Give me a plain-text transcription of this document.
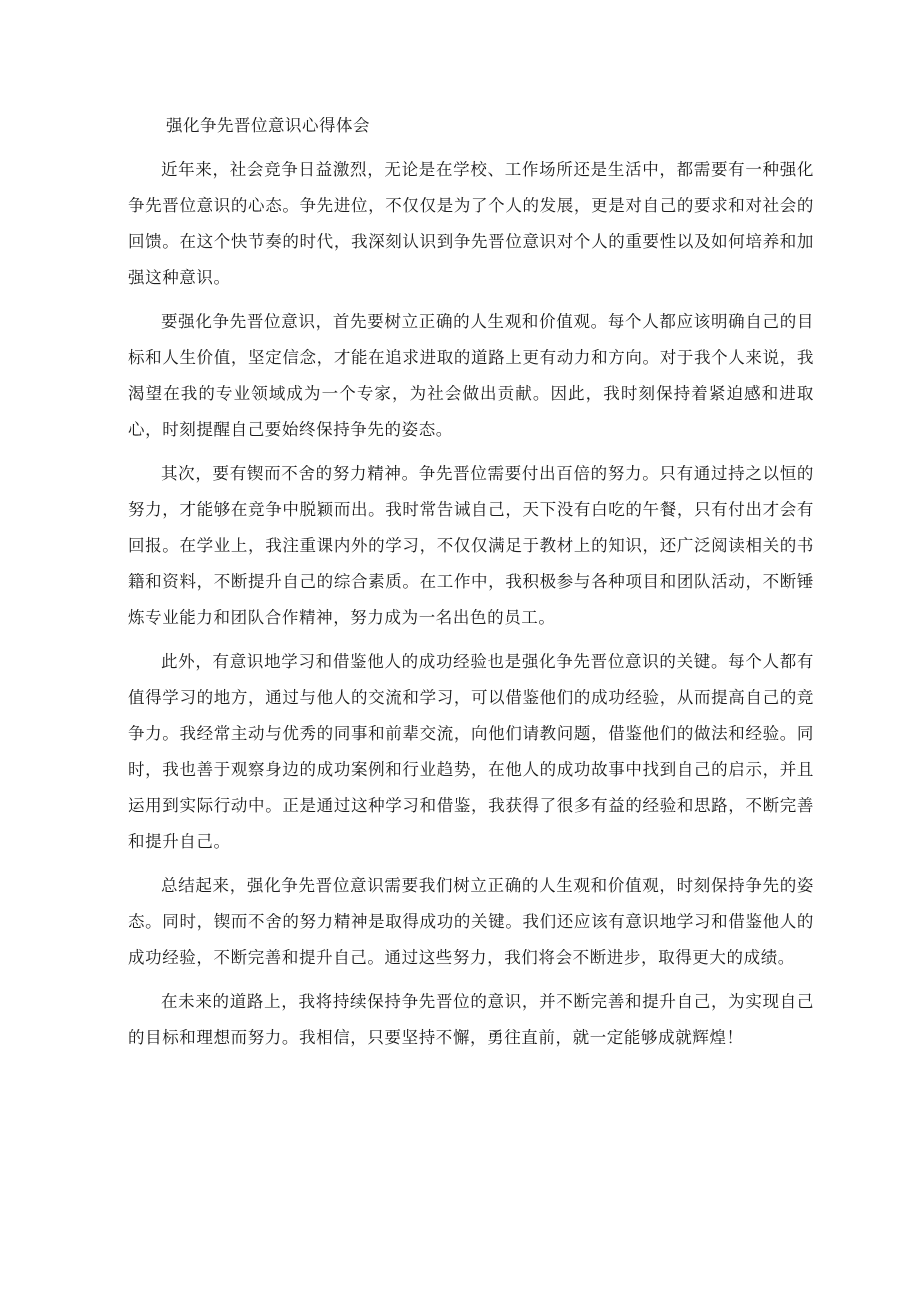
强化争先晋位意识心得体会

近年来，社会竞争日益激烈，无论是在学校、工作场所还是生活中，都需要有一种强化争先晋位意识的心态。争先进位，不仅仅是为了个人的发展，更是对自己的要求和对社会的回馈。在这个快节奏的时代，我深刻认识到争先晋位意识对个人的重要性以及如何培养和加强这种意识。

要强化争先晋位意识，首先要树立正确的人生观和价值观。每个人都应该明确自己的目标和人生价值，坚定信念，才能在追求进取的道路上更有动力和方向。对于我个人来说，我渴望在我的专业领域成为一个专家，为社会做出贡献。因此，我时刻保持着紧迫感和进取心，时刻提醒自己要始终保持争先的姿态。

其次，要有锲而不舍的努力精神。争先晋位需要付出百倍的努力。只有通过持之以恒的努力，才能够在竞争中脱颖而出。我时常告诫自己，天下没有白吃的午餐，只有付出才会有回报。在学业上，我注重课内外的学习，不仅仅满足于教材上的知识，还广泛阅读相关的书籍和资料，不断提升自己的综合素质。在工作中，我积极参与各种项目和团队活动，不断锤炼专业能力和团队合作精神，努力成为一名出色的员工。

此外，有意识地学习和借鉴他人的成功经验也是强化争先晋位意识的关键。每个人都有值得学习的地方，通过与他人的交流和学习，可以借鉴他们的成功经验，从而提高自己的竞争力。我经常主动与优秀的同事和前辈交流，向他们请教问题，借鉴他们的做法和经验。同时，我也善于观察身边的成功案例和行业趋势，在他人的成功故事中找到自己的启示，并且运用到实际行动中。正是通过这种学习和借鉴，我获得了很多有益的经验和思路，不断完善和提升自己。

总结起来，强化争先晋位意识需要我们树立正确的人生观和价值观，时刻保持争先的姿态。同时，锲而不舍的努力精神是取得成功的关键。我们还应该有意识地学习和借鉴他人的成功经验，不断完善和提升自己。通过这些努力，我们将会不断进步，取得更大的成绩。

在未来的道路上，我将持续保持争先晋位的意识，并不断完善和提升自己，为实现自己的目标和理想而努力。我相信，只要坚持不懈，勇往直前，就一定能够成就辉煌！
